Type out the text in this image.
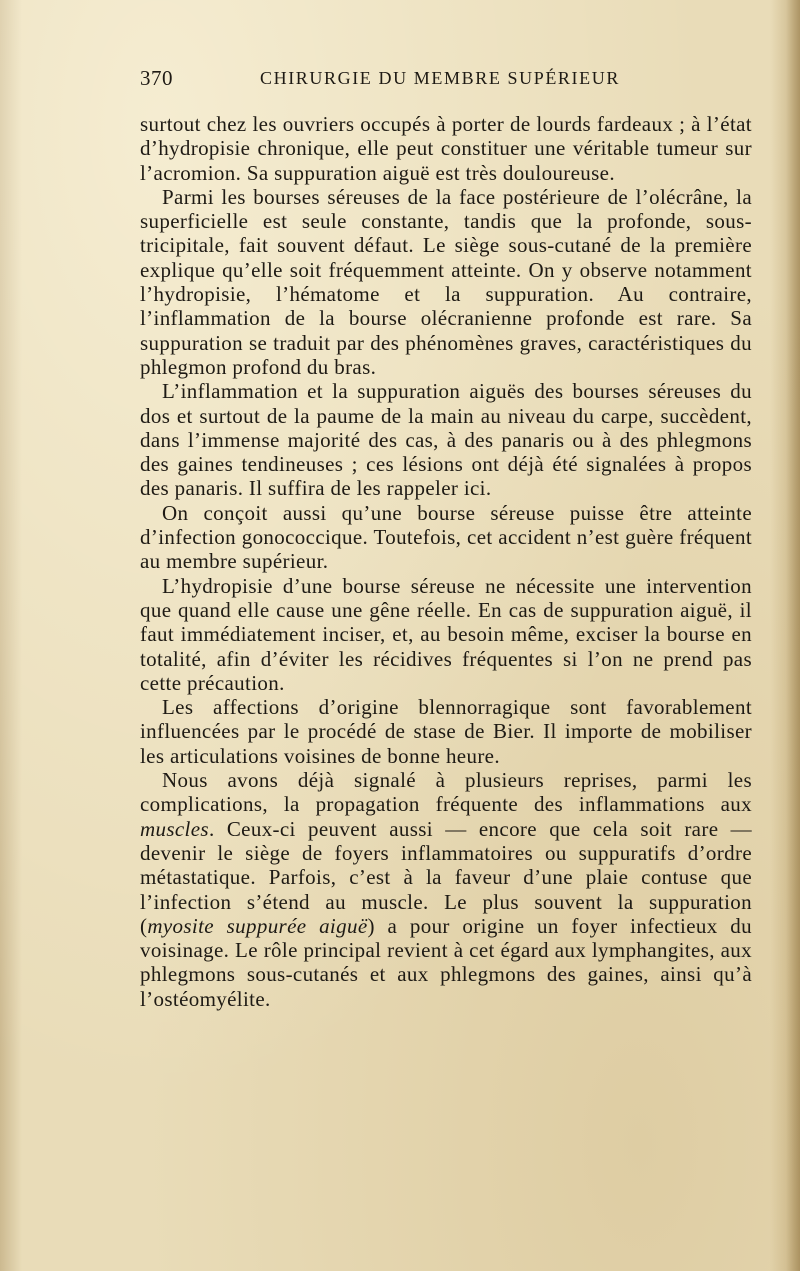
370	CHIRURGIE DU MEMBRE SUPÉRIEUR

surtout chez les ouvriers occupés à porter de lourds fardeaux ; à l’état d’hydropisie chronique, elle peut constituer une véritable tumeur sur l’acromion. Sa suppuration aiguë est très douloureuse.

Parmi les bourses séreuses de la face postérieure de l’olécrâne, la superficielle est seule constante, tandis que la profonde, sous-tricipitale, fait souvent défaut. Le siège sous-cutané de la première explique qu’elle soit fréquemment atteinte. On y observe notamment l’hydropisie, l’hématome et la suppuration. Au contraire, l’inflammation de la bourse olécranienne profonde est rare. Sa suppuration se traduit par des phénomènes graves, caractéristiques du phlegmon profond du bras.

L’inflammation et la suppuration aiguës des bourses séreuses du dos et surtout de la paume de la main au niveau du carpe, succèdent, dans l’immense majorité des cas, à des panaris ou à des phlegmons des gaines tendineuses ; ces lésions ont déjà été signalées à propos des panaris. Il suffira de les rappeler ici.

On conçoit aussi qu’une bourse séreuse puisse être atteinte d’infection gonococcique. Toutefois, cet accident n’est guère fréquent au membre supérieur.

L’hydropisie d’une bourse séreuse ne nécessite une intervention que quand elle cause une gêne réelle. En cas de suppuration aiguë, il faut immédiatement inciser, et, au besoin même, exciser la bourse en totalité, afin d’éviter les récidives fréquentes si l’on ne prend pas cette précaution.

Les affections d’origine blennorragique sont favorablement influencées par le procédé de stase de Bier. Il importe de mobiliser les articulations voisines de bonne heure.

Nous avons déjà signalé à plusieurs reprises, parmi les complications, la propagation fréquente des inflammations aux muscles. Ceux-ci peuvent aussi — encore que cela soit rare — devenir le siège de foyers inflammatoires ou suppuratifs d’ordre métastatique. Parfois, c’est à la faveur d’une plaie contuse que l’infection s’étend au muscle. Le plus souvent la suppuration (myosite suppurée aiguë) a pour origine un foyer infectieux du voisinage. Le rôle principal revient à cet égard aux lymphangites, aux phlegmons sous-cutanés et aux phlegmons des gaines, ainsi qu’à l’ostéomyélite.
